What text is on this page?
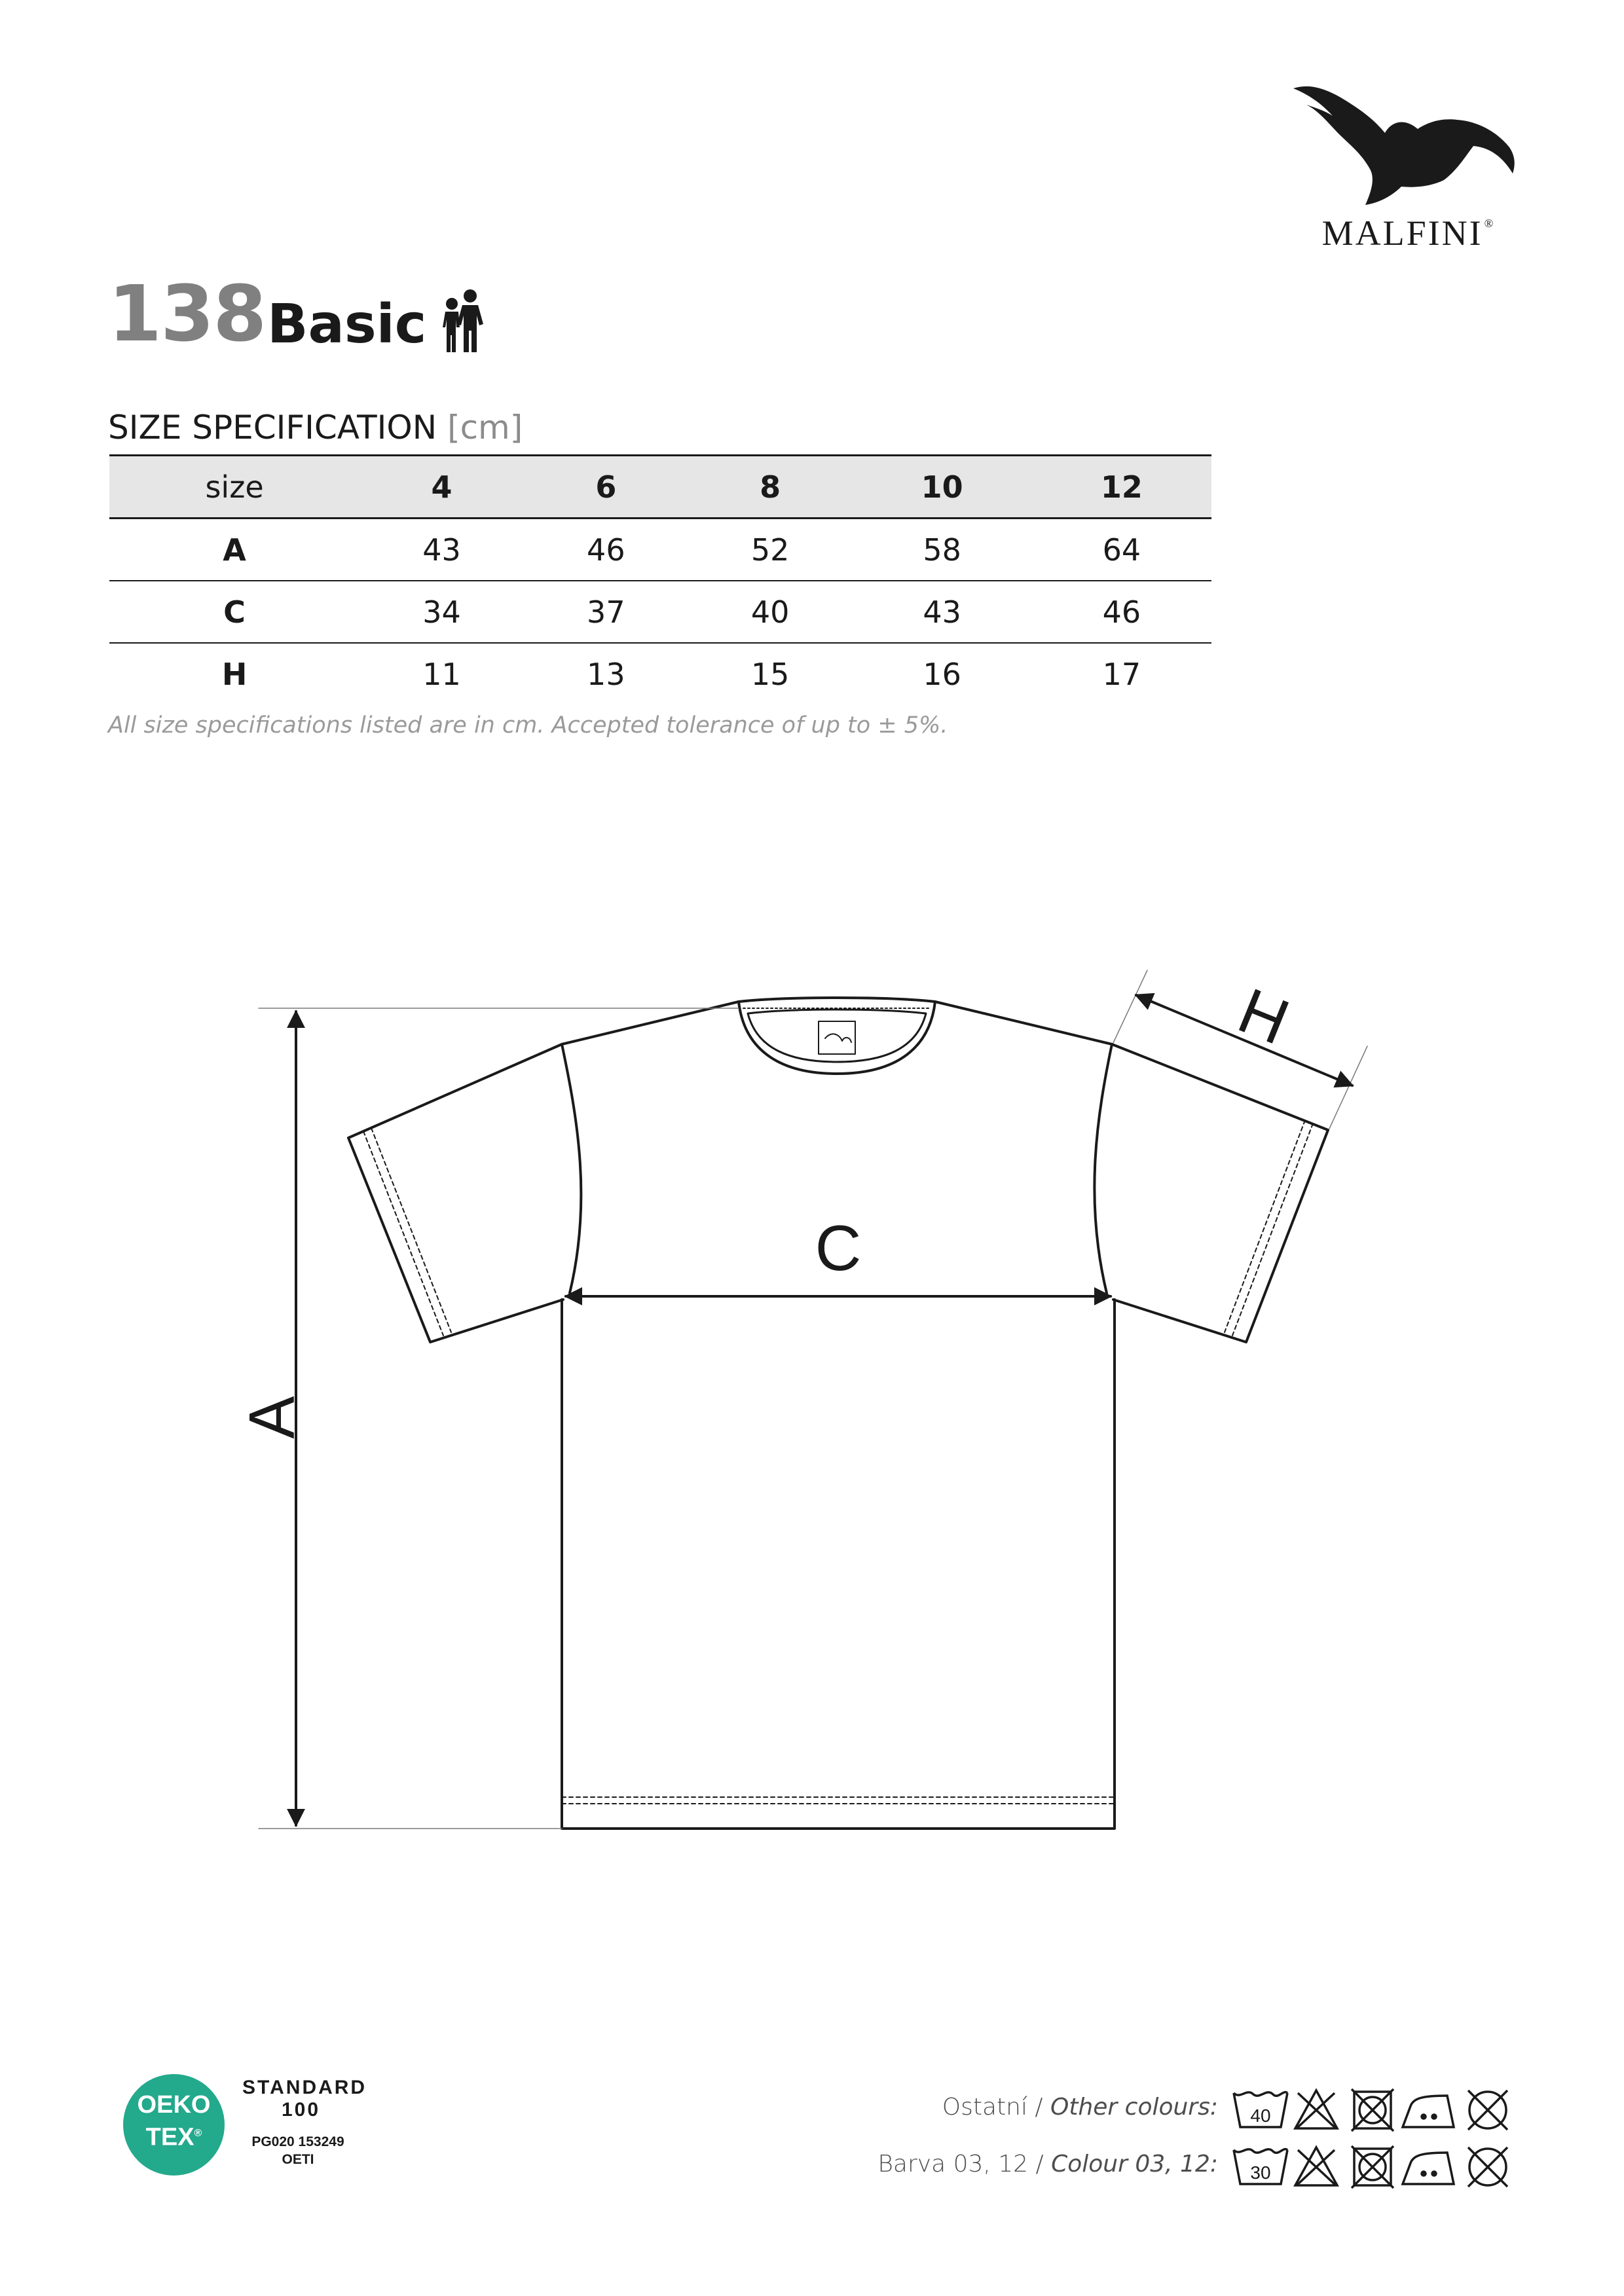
MALFINI ®
138 Basic
SIZE SPECIFICATION [cm]
size	4	6	8	10	12
A	43	46	52	58	64
C	34	37	40	43	46
H	11	13	15	16	17
All size specifications listed are in cm. Accepted tolerance of up to ± 5%.
A
C
H
OEKO
TEX®
STANDARD
100
PG020 153249
OETI
Ostatní / Other colours:
Barva 03, 12 / Colour 03, 12:
40
30
